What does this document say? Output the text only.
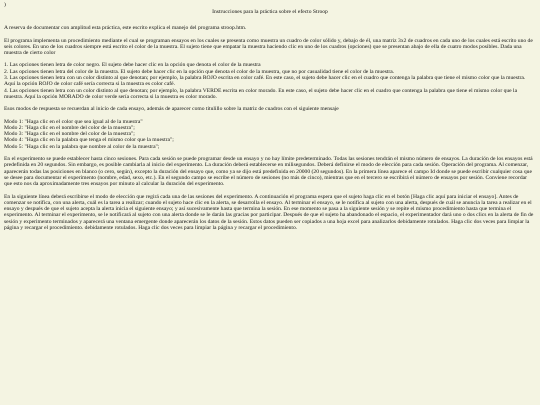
)
Instrucciones para la práctica sobre el efecto Stroop

A reserva de documentar con amplitud esta práctica, este escrito explica el manejo del programa stroop.htm.

El programa implementa un procedimiento mediante el cual se programan ensayos en los cuales se presenta como muestra un cuadro de color sólido y, debajo de él, una matriz 3x2 de cuadros en cada uno de los cuales está escrito uno de seis colores. En uno de los cuadros siempre está escrito el color de la muestra. El sujeto tiene que empatar la muestra haciendo clic en uno de los cuadros (opciones) que se presentan abajo de ella de cuatro modos posibles. Dada una muestra de cierto color

1. Las opciones tienen letra de color negro. El sujeto debe hacer clic en la opción que denota el color de la muestra
2. Las opciones tienen letra del color de la muestra. El sujeto debe hacer clic en la opción que denota el color de la muestra, que no por casualidad tiene el color de la muestra.
3. Las opciones tienen letra con un color distinto al que denotan; por ejemplo, la palabra ROJO escrita en color café. En este caso, el sujeto debe hacer clic en el cuadro que contenga la palabra que tiene el mismo color que la muestra. Aquí la opción ROJO de color café sería correcta si la muestra es color café.
4. Las opciones tienen letra con un color distinto al que denotan; por ejemplo, la palabra VERDE escrita en color morado. En este caso, el sujeto debe hacer clic en el cuadro que contenga la palabra que tiene el mismo color que la muestra. Aquí la opción MORADO de color verde sería correcta si la muestra es color morado.

Esos modos de respuesta se recuerdan al inicio de cada ensayo, además de aparecer como titulillo sobre la matriz de cuadros con el siguiente mensaje

Modo 1: "Haga clic en el color que sea igual al de la muestra"
Modo 2: "Haga clic en el nombre del color de la muestra";
Modo 3: "Haga clic en el nombre del color de la muestra";
Modo 4: "Haga clic en la palabra que tenga el mismo color que la muestra";
Modo 5: "Haga clic en la palabra que nombre al color de la muestra";

En el experimento se puede establecer hasta cinco sesiones. Para cada sesión se puede programar desde un ensayo y no hay límite predeterminado. Todas las sesiones tendrán el mismo número de ensayos. La duración de los ensayos está predefinida en 20 segundos. Sin embargo, es posible cambiarla al inicio del experimento. La duración deberá establecerse en milisegundos. Deberá definirse el modo de elección para cada sesión. Operación del programa. Al comenzar, aparecerán todas las posiciones en blanco (o cero, según), excepto la duración del ensayo que, como ya se dijo está predefinida en 20000 (20 segundos). En la primera línea aparece el campo Id donde se puede escribir cualquier cosa que se desee para documentar el experimento (nombre, edad, sexo, etc.). En el segundo campo se escribe el número de sesiones (no más de cinco), mientras que en el tercero se escribirá el número de ensayos por sesión. Conviene recordar que esto nos da aproximadamente tres ensayos por minuto al calcular la duración del experimento.

En la siguiente línea deberá escribirse el modo de elección que regirá cada una de las sesiones del experimento. A continuación el programa espera que el sujeto haga clic en el botón [Haga clic aquí para iniciar el ensayo]. Antes de comenzar se notifica, con una alerta, cuál es la tarea a realizar; cuando el sujeto hace clic en la alerta, se desarrolla el ensayo. Al terminar el ensayo, se le notifica al sujeto con una alerta, después de cuál se anuncia la tarea a realizar en el ensayo y después de que el sujeto acepta la alerta inicia el siguiente ensayo; y así sucesivamente hasta que termina la sesión. En ese momento se pasa a la siguiente sesión y se repite el mismo procedimiento hasta que termina el experimento. Al terminar el experimento, se le notificará al sujeto con una alerta donde se le darán las gracias por participar. Después de que el sujeto ha abandonado el espacio, el experimentador dará uno o dos clics en la alerta de fin de sesión y experimento terminados y aparecerá una ventana emergente donde aparecerán los datos de la sesión. Estos datos pueden ser copiados a una hoja excel para analizarlos debidamente rotulados. Haga clic dos veces para limpiar la página y recargar el procedimiento. debidamente rotulados. Haga clic dos veces para limpiar la página y recargar el procedimiento.
